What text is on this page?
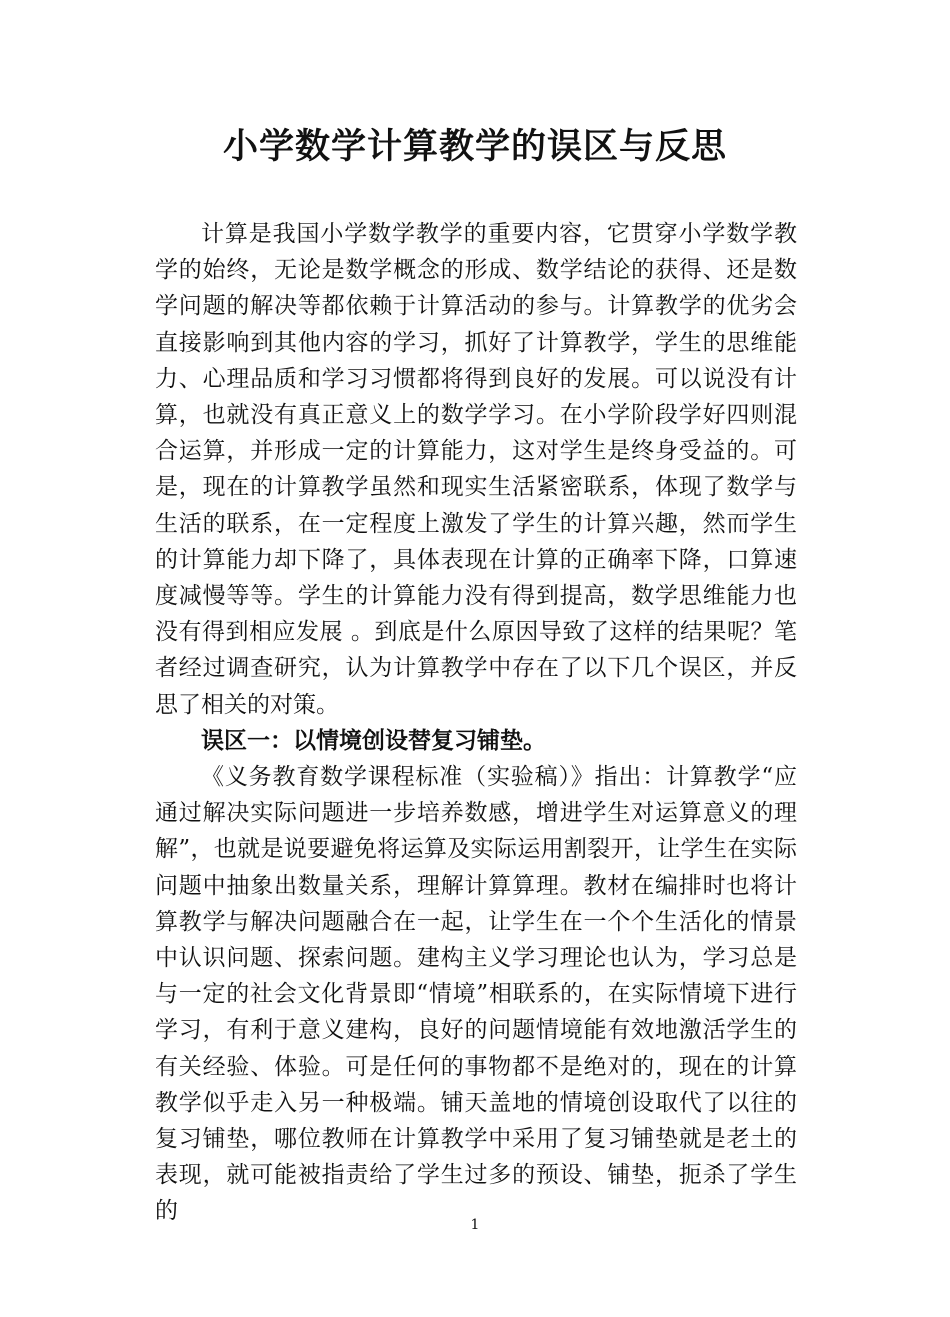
小学数学计算教学的误区与反思

计算是我国小学数学教学的重要内容，它贯穿小学数学教学的始终，无论是数学概念的形成、数学结论的获得、还是数学问题的解决等都依赖于计算活动的参与。计算教学的优劣会直接影响到其他内容的学习，抓好了计算教学，学生的思维能力、心理品质和学习习惯都将得到良好的发展。可以说没有计算，也就没有真正意义上的数学学习。在小学阶段学好四则混合运算，并形成一定的计算能力，这对学生是终身受益的。可是，现在的计算教学虽然和现实生活紧密联系，体现了数学与生活的联系，在一定程度上激发了学生的计算兴趣，然而学生的计算能力却下降了，具体表现在计算的正确率下降，口算速度减慢等等。学生的计算能力没有得到提高，数学思维能力也没有得到相应发展 。到底是什么原因导致了这样的结果呢？笔者经过调查研究，认为计算教学中存在了以下几个误区，并反思了相关的对策。

误区一：以情境创设替复习铺垫。

《义务教育数学课程标准（实验稿）》指出：计算教学“应通过解决实际问题进一步培养数感，增进学生对运算意义的理解”，也就是说要避免将运算及实际运用割裂开，让学生在实际问题中抽象出数量关系，理解计算算理。教材在编排时也将计算教学与解决问题融合在一起，让学生在一个个生活化的情景中认识问题、探索问题。建构主义学习理论也认为，学习总是与一定的社会文化背景即“情境”相联系的，在实际情境下进行学习，有利于意义建构，良好的问题情境能有效地激活学生的有关经验、体验。可是任何的事物都不是绝对的，现在的计算教学似乎走入另一种极端。铺天盖地的情境创设取代了以往的复习铺垫，哪位教师在计算教学中采用了复习铺垫就是老土的表现，就可能被指责给了学生过多的预设、铺垫，扼杀了学生的

1
